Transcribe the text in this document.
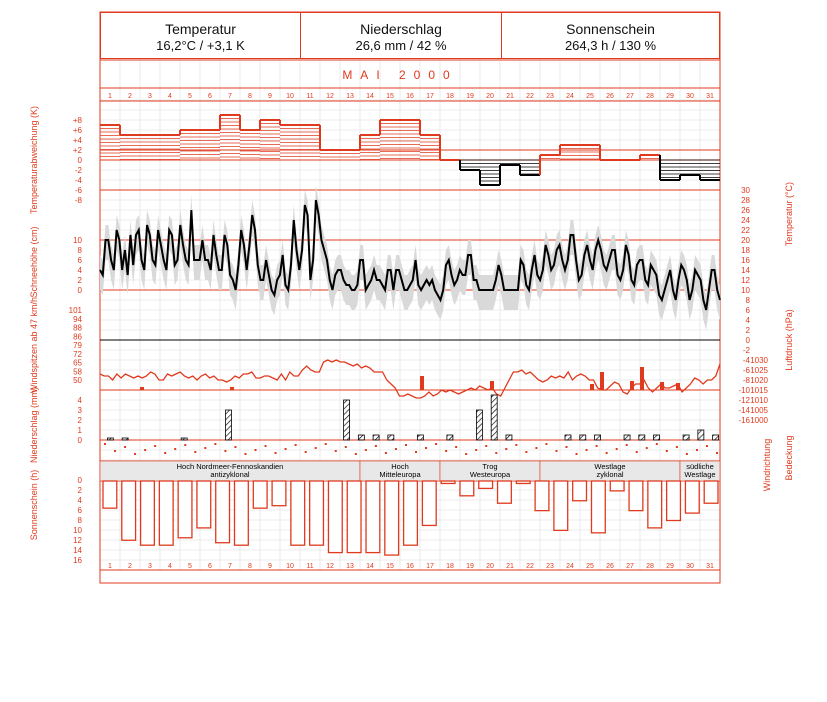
Temperatur
16,2°C / +3,1 K
Niederschlag
26,6 mm / 42 %
Sonnenschein
264,3 h / 130 %
MAI 2000
1 2 3 4 5 6 7 8 9 10 11 12 13 14 15 16 17 18 19 20 21 22 23 24 25 26 27 28 29 30 31
1 2 3 4 5 6 7 8 9 10 11 12 13 14 15 16 17 18 19 20 21 22 23 24 25 26 27 28 29 30 31
Hoch Nordmeer-Fennoskandien
antizyklonal
Hoch
Mitteleuropa
Trog
Westeuropa
Westlage
zyklonal
südliche
Westlage
+8
+6
+4
+2
0
-2
-4
-6
-8
10
8
6
4
2
0
30
28
26
24
22
20
18
16
14
12
10
8
6
4
2
0
-2
-4
-6
-8
-10
-12
-14
-16
101
94
88
86
79
72
65
58
50
1030
1025
1020
1015
1010
1005
1000
4
3
2
1
0
0
2
4
6
8
10
12
14
16
Temperaturabweichung (K)
Schneehöhe (cm)
Temperatur (°C)
Windspitzen ab 47 km/h	Luftdruck (hPa)
Niederschlag (mm)
Windrichtung Bedeckung
Sonnenschein (h)
